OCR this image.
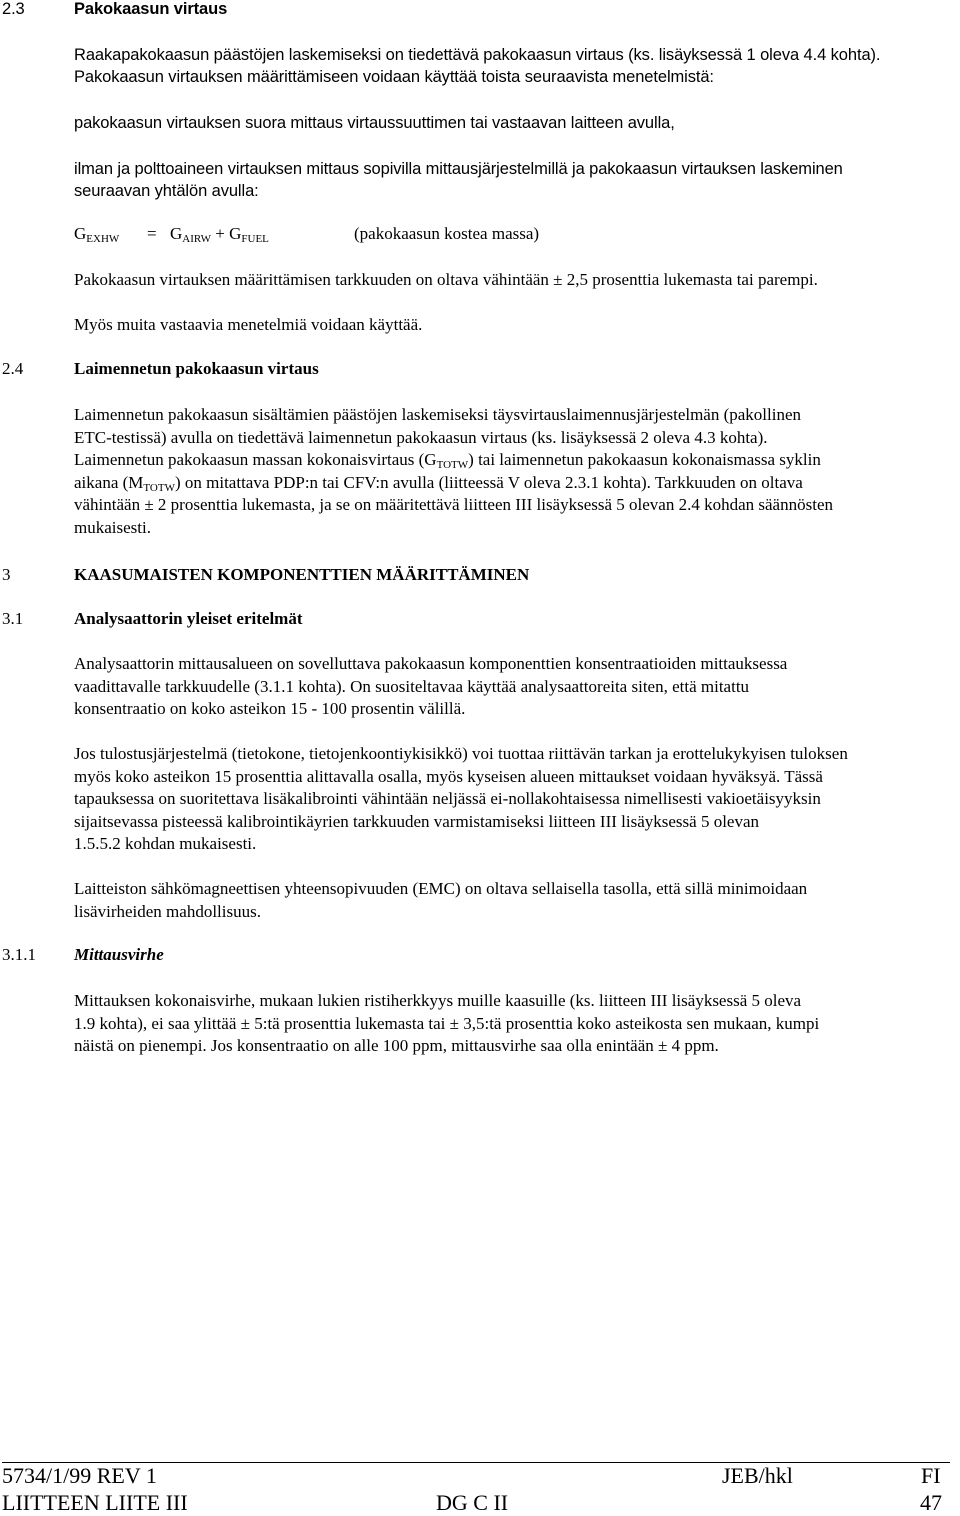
2.3	Pakokaasun virtaus
Raakapakokaasun päästöjen laskemiseksi on tiedettävä pakokaasun virtaus (ks. lisäyksessä 1 oleva 4.4 kohta).
Pakokaasun virtauksen määrittämiseen voidaan käyttää toista seuraavista menetelmistä:
pakokaasun virtauksen suora mittaus virtaussuuttimen tai vastaavan laitteen avulla,
ilman ja polttoaineen virtauksen mittaus sopivilla mittausjärjestelmillä ja pakokaasun virtauksen laskeminen
seuraavan yhtälön avulla:
$G_{EXHW} = G_{AIRW} + G_{FUEL}$	(pakokaasun kostea massa)
Pakokaasun virtauksen määrittämisen tarkkuuden on oltava vähintään ± 2,5 prosenttia lukemasta tai parempi.
Myös muita vastaavia menetelmiä voidaan käyttää.
2.4	Laimennetun pakokaasun virtaus
Laimennetun pakokaasun sisältämien päästöjen laskemiseksi täysvirtauslaimennusjärjestelmän (pakollinen
ETC-testissä) avulla on tiedettävä laimennetun pakokaasun virtaus (ks. lisäyksessä 2 oleva 4.3 kohta).
Laimennetun pakokaasun massan kokonaisvirtaus $(G_{TOTW})$ tai laimennetun pakokaasun kokonaismassa syklin
aikana $(M_{TOTW})$ on mitattava PDP:n tai CFV:n avulla (liitteessä V oleva 2.3.1 kohta). Tarkkuuden on oltava
vähintään ± 2 prosenttia lukemasta, ja se on määritettävä liitteen III lisäyksessä 5 olevan 2.4 kohdan säännösten
mukaisesti.
3	KAASUMAISTEN KOMPONENTTIEN MÄÄRITTÄMINEN
3.1	Analysaattorin yleiset eritelmät
Analysaattorin mittausalueen on sovelluttava pakokaasun komponenttien konsentraatioiden mittauksessa
vaadittavalle tarkkuudelle (3.1.1 kohta). On suositeltavaa käyttää analysaattoreita siten, että mitattu
konsentraatio on koko asteikon 15 - 100 prosentin välillä.
Jos tulostusjärjestelmä (tietokone, tietojenkoontiykisikkö) voi tuottaa riittävän tarkan ja erottelukykyisen tuloksen
myös koko asteikon 15 prosenttia alittavalla osalla, myös kyseisen alueen mittaukset voidaan hyväksyä. Tässä
tapauksessa on suoritettava lisäkalibrointi vähintään neljässä ei-nollakohtaisessa nimellisesti vakioetäisyyksin
sijaitsevassa pisteessä kalibrointikäyrien tarkkuuden varmistamiseksi liitteen III lisäyksessä 5 olevan
1.5.5.2 kohdan mukaisesti.
Laitteiston sähkömagneettisen yhteensopivuuden (EMC) on oltava sellaisella tasolla, että sillä minimoidaan
lisävirheiden mahdollisuus.
3.1.1 Mittausvirhe
Mittauksen kokonaisvirhe, mukaan lukien ristiherkkyys muille kaasuille (ks. liitteen III lisäyksessä 5 oleva
1.9 kohta), ei saa ylittää ± 5:tä prosenttia lukemasta tai ± 3,5:tä prosenttia koko asteikosta sen mukaan, kumpi
näistä on pienempi. Jos konsentraatio on alle 100 ppm, mittausvirhe saa olla enintään ± 4 ppm.
5734/1/99 REV 1	JEB/hkl	FI
LIITTEEN LIITE III	DG C II	47
